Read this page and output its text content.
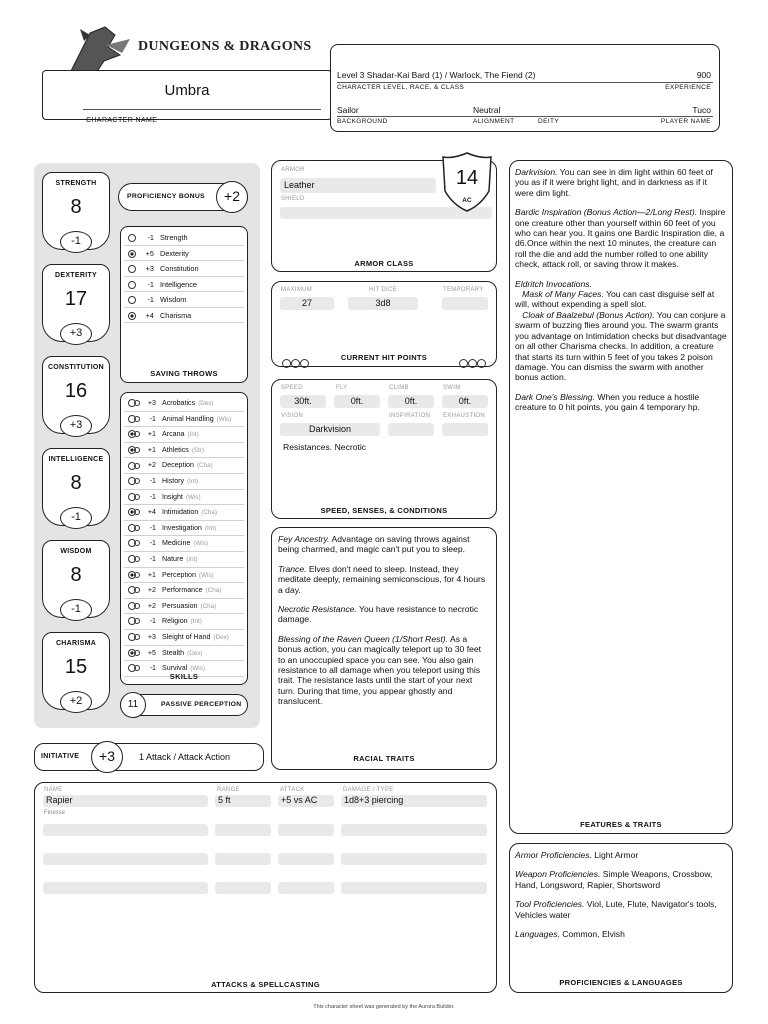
DUNGEONS & DRAGONS
Umbra
CHARACTER NAME
Level 3 Shadar-Kai Bard (1) / Warlock, The Fiend (2)	900
CHARACTER LEVEL, RACE, & CLASS	EXPERIENCE
Sailor	Neutral	Tuco
BACKGROUND	ALIGNMENT	DEITY	PLAYER NAME
PROFICIENCY BONUS	+2
-1 Strength
+5 Dexterity
+3 Constitution
-1 Intelligence
-1 Wisdom
+4 Charisma
SAVING THROWS
+3 Acrobatics (Dex)
-1 Animal Handling (Wis)
+1 Arcana (Int)
+1 Athletics (Str)
+2 Deception (Cha)
-1 History (Int)
-1 Insight (Wis)
+4 Intimidation (Cha)
-1 Investigation (Int)
-1 Medicine (Wis)
-1 Nature (Int)
+1 Perception (Wis)
+2 Performance (Cha)
+2 Persuasion (Cha)
-1 Religion (Int)
+3 Sleight of Hand (Dex)
+5 Stealth (Dex)
-1 Survival (Wis)
SKILLS
PASSIVE PERCEPTION
11
INITIATIVE	1 Attack / Attack Action
+3
ARMOR
Leather
SHIELD
ARMOR CLASS
14
AC
MAXIMUM	HIT DICE	TEMPORARY
27	3d8
CURRENT HIT POINTS
SPEED	FLY	CLIMB	SWIM
30ft.	0ft.	0ft.	0ft.
VISION	INSPIRATION EXHAUSTION
Darkvision
Resistances. Necrotic
SPEED, SENSES, & CONDITIONS

Fey Ancestry. Advantage on saving throws against being charmed, and magic can't put you to sleep.

Trance. Elves don't need to sleep. Instead, they meditate deeply, remaining semiconscious, for 4 hours a day.

Necrotic Resistance. You have resistance to necrotic damage.

Blessing of the Raven Queen (1/Short Rest). As a bonus action, you can magically teleport up to 30 feet to an unoccupied space you can see. You also gain resistance to all damage when you teleport using this trait. The resistance lasts until the start of your next turn. During that time, you appear ghostly and translucent.

RACIAL TRAITS

Darkvision. You can see in dim light within 60 feet of you as if it were bright light, and in darkness as if it were dim light.

Bardic Inspiration (Bonus Action—2/Long Rest). Inspire one creature other than yourself within 60 feet of you who can hear you. It gains one Bardic Inspiration die, a d6.Once within the next 10 minutes, the creature can roll the die and add the number rolled to one ability check, attack roll, or saving throw it makes.

Eldritch Invocations.
Mask of Many Faces. You can cast disguise self at will, without expending a spell slot.
Cloak of Baalzebul (Bonus Action). You can conjure a swarm of buzzing flies around you. The swarm grants you advantage on Intimidation checks but disadvantage on all other Charisma checks. In addition, a creature that starts its turn within 5 feet of you takes 2 poison damage. You can dismiss the swarm with another bonus action.

Dark One's Blessing. When you reduce a hostile creature to 0 hit points, you gain 4 temporary hp.

FEATURES & TRAITS

Armor Proficiencies. Light Armor

Weapon Proficiencies. Simple Weapons, Crossbow, Hand, Longsword, Rapier, Shortsword

Tool Proficiencies. Viol, Lute, Flute, Navigator's tools, Vehicles water

Languages. Common, Elvish

PROFICIENCIES & LANGUAGES
NAME	RANGE	ATTACK	DAMAGE / TYPE
Rapier	5 ft	+5 vs AC	1d8+3 piercing
Finesse
ATTACKS & SPELLCASTING
This character sheet was generated by the Aurora Builder.
STRENGTH
8
-1
DEXTERITY
17
+3
CONSTITUTION
16
+3
INTELLIGENCE
8
-1
WISDOM
8
-1
CHARISMA
15
+2
